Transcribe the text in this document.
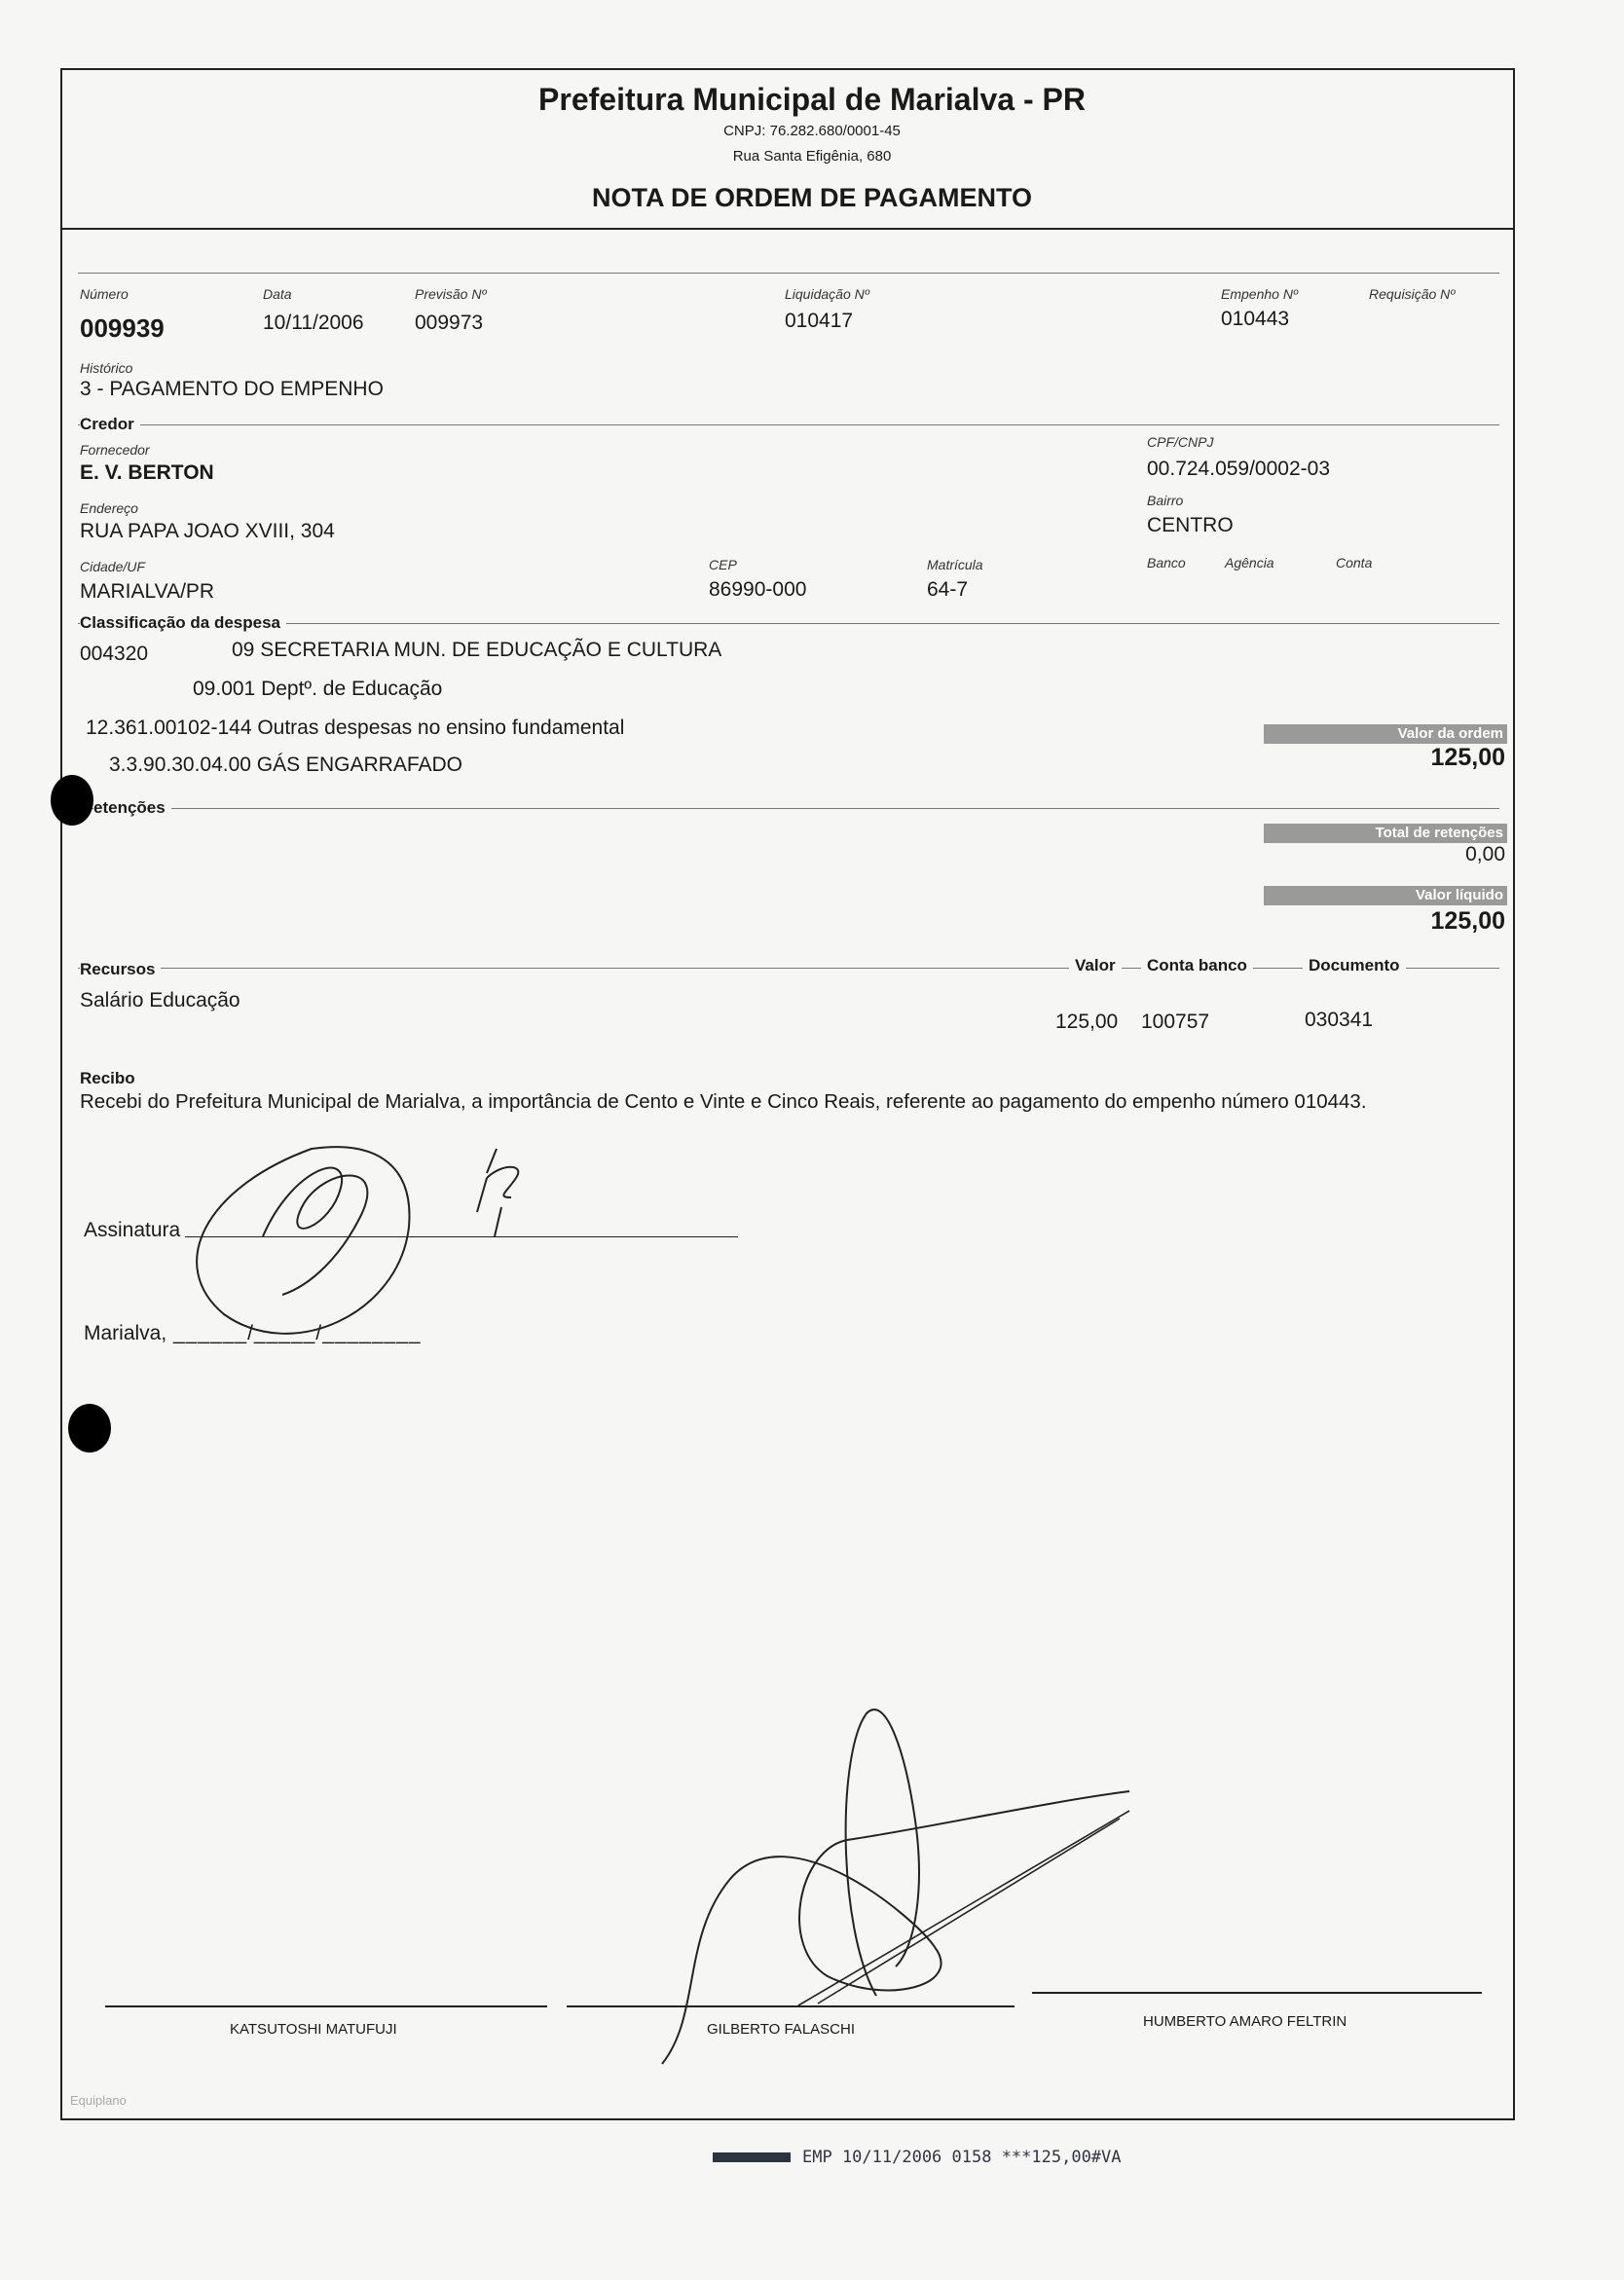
Prefeitura Municipal de Marialva - PR
CNPJ: 76.282.680/0001-45
Rua Santa Efigênia, 680
NOTA DE ORDEM DE PAGAMENTO
Número
009939
Data
10/11/2006
Previsão Nº
009973
Liquidação Nº
010417
Empenho Nº
010443
Requisição Nº
Histórico
3 - PAGAMENTO DO EMPENHO
Credor
Fornecedor
E. V. BERTON
CPF/CNPJ
00.724.059/0002-03
Endereço
RUA PAPA JOAO XVIII, 304
Bairro
CENTRO
Cidade/UF
MARIALVA/PR
CEP
86990-000
Matrícula
64-7
Banco	Agência	Conta
Classificação da despesa
004320	09 SECRETARIA MUN. DE EDUCAÇÃO E CULTURA
09.001 Deptº. de Educação
12.361.00102-144 Outras despesas no ensino fundamental
3.3.90.30.04.00 GÁS ENGARRAFADO
Valor da ordem
125,00
etenções
Total de retenções
0,00
Valor líquido
125,00
Recursos	Valor	Conta banco	Documento
Salário Educação
125,00 100757	030341
Recibo
Recebi do Prefeitura Municipal de Marialva, a importância de Cento e Vinte e Cinco Reais, referente ao pagamento do empenho número 010443.
Assinatura
Marialva, ______/_____/________
KATSUTOSHI MATUFUJI	GILBERTO FALASCHI	HUMBERTO AMARO FELTRIN
Equiplano
EMP 10/11/2006 0158 ***125,00#VA
